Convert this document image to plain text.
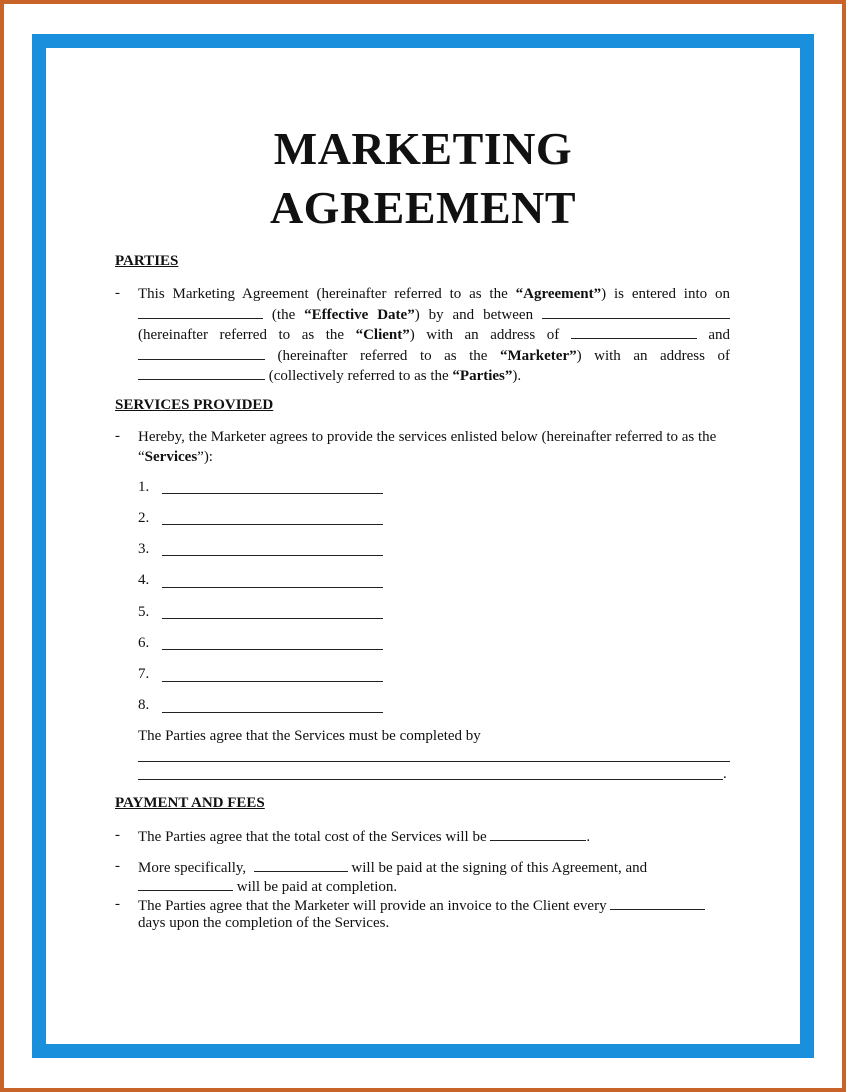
MARKETING
AGREEMENT
PARTIES
- This Marketing Agreement (hereinafter referred to as the “Agreement”) is entered into on  (the “Effective Date”) by and between  (hereinafter referred to as the “Client”) with an address of	and  (hereinafter referred to as the “Marketer”) with an address of  (collectively referred to as the “Parties”).
SERVICES PROVIDED
- Hereby, the Marketer agrees to provide the services enlisted below (hereinafter referred to as the “Services”):
1.
2.
3.
4.
5.
6.
7.
8.
The Parties agree that the Services must be completed by
.
PAYMENT AND FEES
- The Parties agree that the total cost of the Services will be	.
- More specifically,	will be paid at the signing of this Agreement, and
will be paid at completion.
- The Parties agree that the Marketer will provide an invoice to the Client every
days upon the completion of the Services.
